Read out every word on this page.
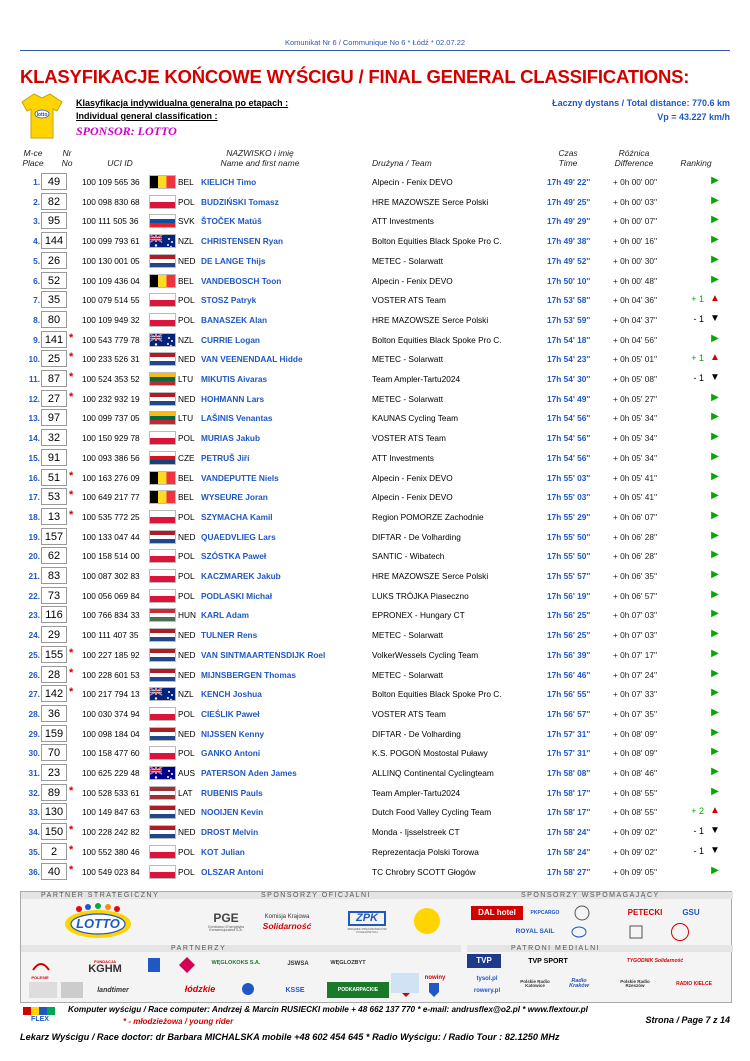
Komunikat Nr 6 / Communique No 6 * Łódź * 02.07.22
KLASYFIKACJE KOŃCOWE WYŚCIGU / FINAL GENERAL CLASSIFICATIONS:
lotto
Klasyfikacja indywidualna generalna po etapach :
Individual general classification :
SPONSOR: LOTTO
Łaczny dystans / Total distance: 770.6 km
Vp = 43.227 km/h
M-ce
Place
Nr
No	UCI ID
NAZWISKO i imię
Name and first name	Drużyna / Team
Czas
Time
Różnica
Difference	Ranking
1. 49	100 109 565 36	BEL KIELICH Timo	Alpecin - Fenix DEVO	17h 49' 22''	+ 0h 00' 00''	▶
2. 82	100 098 830 68	POL BUDZIŃSKI Tomasz	HRE MAZOWSZE Serce Polski	17h 49' 25''	+ 0h 00' 03''	▶
3. 95	100 111 505 36	SVK ŠTOČEK Matúš	ATT Investments	17h 49' 29''	+ 0h 00' 07''	▶
4. 144	100 099 793 61	NZL CHRISTENSEN Ryan	Bolton Equities Black Spoke Pro C.	17h 49' 38''	+ 0h 00' 16''	▶
5. 26	100 130 001 05	NED DE LANGE Thijs	METEC - Solarwatt	17h 49' 52''	+ 0h 00' 30''	▶
6. 52	100 109 436 04	BEL VANDEBOSCH Toon	Alpecin - Fenix DEVO	17h 50' 10''	+ 0h 00' 48''	▶
7. 35	100 079 514 55	POL STOSZ Patryk	VOSTER ATS Team	17h 53' 58''	+ 0h 04' 36''	+ 1 ▲
8. 80	100 109 949 32	POL BANASZEK Alan	HRE MAZOWSZE Serce Polski	17h 53' 59''	+ 0h 04' 37''	- 1 ▼
9. 141 * 100 543 779 78	NZL CURRIE Logan	Bolton Equities Black Spoke Pro C.	17h 54' 18''	+ 0h 04' 56''	▶
10. 25 * 100 233 526 31	NED VAN VEENENDAAL Hidde	METEC - Solarwatt	17h 54' 23''	+ 0h 05' 01''	+ 1 ▲
11. 87 * 100 524 353 52	LTU MIKUTIS Aivaras	Team Ampler-Tartu2024	17h 54' 30''	+ 0h 05' 08''	- 1 ▼
12. 27 * 100 232 932 19	NED HOHMANN Lars	METEC - Solarwatt	17h 54' 49''	+ 0h 05' 27''	▶
13. 97	100 099 737 05	LTU LAŠINIS Venantas	KAUNAS Cycling Team	17h 54' 56''	+ 0h 05' 34''	▶
14. 32	100 150 929 78	POL MURIAS Jakub	VOSTER ATS Team	17h 54' 56''	+ 0h 05' 34''	▶
15. 91	100 093 386 56	CZE PETRUŠ Jiří	ATT Investments	17h 54' 56''	+ 0h 05' 34''	▶
16. 51 * 100 163 276 09	BEL VANDEPUTTE Niels	Alpecin - Fenix DEVO	17h 55' 03''	+ 0h 05' 41''	▶
17. 53 * 100 649 217 77	BEL WYSEURE Joran	Alpecin - Fenix DEVO	17h 55' 03''	+ 0h 05' 41''	▶
18. 13 * 100 535 772 25	POL SZYMACHA Kamil	Region POMORZE Zachodnie	17h 55' 29''	+ 0h 06' 07''	▶
19. 157	100 133 047 44	NED QUAEDVLIEG Lars	DIFTAR - De Volharding	17h 55' 50''	+ 0h 06' 28''	▶
20. 62	100 158 514 00	POL SZÓSTKA Paweł	SANTIC - Wibatech	17h 55' 50''	+ 0h 06' 28''	▶
21. 83	100 087 302 83	POL KACZMAREK Jakub	HRE MAZOWSZE Serce Polski	17h 55' 57''	+ 0h 06' 35''	▶
22. 73	100 056 069 84	POL PODLASKI Michał	LUKS TRÓJKA Piaseczno	17h 56' 19''	+ 0h 06' 57''	▶
23. 116	100 766 834 33	HUN KARL Adam	EPRONEX - Hungary CT	17h 56' 25''	+ 0h 07' 03''	▶
24. 29	100 111 407 35	NED TULNER Rens	METEC - Solarwatt	17h 56' 25''	+ 0h 07' 03''	▶
25. 155 * 100 227 185 92	NED VAN SINTMAARTENSDIJK Roel	VolkerWessels Cycling Team	17h 56' 39''	+ 0h 07' 17''	▶
26. 28 * 100 228 601 53	NED MIJNSBERGEN Thomas	METEC - Solarwatt	17h 56' 46''	+ 0h 07' 24''	▶
27. 142 * 100 217 794 13	NZL KENCH Joshua	Bolton Equities Black Spoke Pro C.	17h 56' 55''	+ 0h 07' 33''	▶
28. 36	100 030 374 94	POL CIEŚLIK Paweł	VOSTER ATS Team	17h 56' 57''	+ 0h 07' 35''	▶
29. 159	100 098 184 04	NED NIJSSEN Kenny	DIFTAR - De Volharding	17h 57' 31''	+ 0h 08' 09''	▶
30. 70	100 158 477 60	POL GANKO Antoni	K.S. POGOŃ Mostostal Puławy	17h 57' 31''	+ 0h 08' 09''	▶
31. 23	100 625 229 48	AUS PATERSON Aden James	ALLINQ Continental Cyclingteam	17h 58' 08''	+ 0h 08' 46''	▶
32. 89 * 100 528 533 61	LAT	RUBENIS Pauls	Team Ampler-Tartu2024	17h 58' 17''	+ 0h 08' 55''	▶
33. 130	100 149 847 63	NED NOOIJEN Kevin	Dutch Food Valley Cycling Team	17h 58' 17''	+ 0h 08' 55''	+ 2 ▲
34. 150 * 100 228 242 82	NED DROST Melvin	Monda - Ijsselstreek CT	17h 58' 24''	+ 0h 09' 02''	- 1 ▼
35. 2	* 100 552 380 46	POL KOT Julian	Reprezentacja Polski Torowa	17h 58' 24''	+ 0h 09' 02''	- 1 ▼
36. 40 * 100 549 023 84	POL OLSZAR Antoni	TC Chrobry SCOTT Głogów	17h 58' 27''	+ 0h 09' 05''	▶
PARTNER STRATEGICZNY	SPONSORZY OFICJALNI	SPONSORZY WSPOMAGAJĄCY
LOTTO	PGE
Górnictwo i Energetyka Konwencjonalna S.A.
Komisja Krajowa
Solidarność
ZPK
ZWIĄZEK PRACODAWCÓW KOLEJOWYCH
DAL hotel	PKPCARGO	PETECKI	GSU
ROYAL SAIL
PARTNERZY	PATRONI MEDIALNI
POLESIE
FUNDACJA
KGHM	WĘGLOKOKS S.A.	JSWSA	WĘGLOZBYT
landtimer	łódzkie	KSSE	PODKARPACKIE
TVP	TVP SPORT	TYGODNIK Solidarność
nowiny	tysol.pl
rowery.pl
Polskie Radio Katowice
Radio Kraków
Polskie Radio Rzeszów	RADIO KIELCE
FLEX
Komputer wyścigu / Race computer: Andrzej & Marcin RUSIECKI mobile + 48 662 137 770 * e-mail: andrusflex@o2.pl * www.flextour.pl
* - młodzieżowa / young rider	Strona / Page 7 z 14
Lekarz Wyścigu / Race doctor: dr Barbara MICHALSKA mobile +48 602 454 645 * Radio Wyścigu: / Radio Tour : 82.1250 MHz
